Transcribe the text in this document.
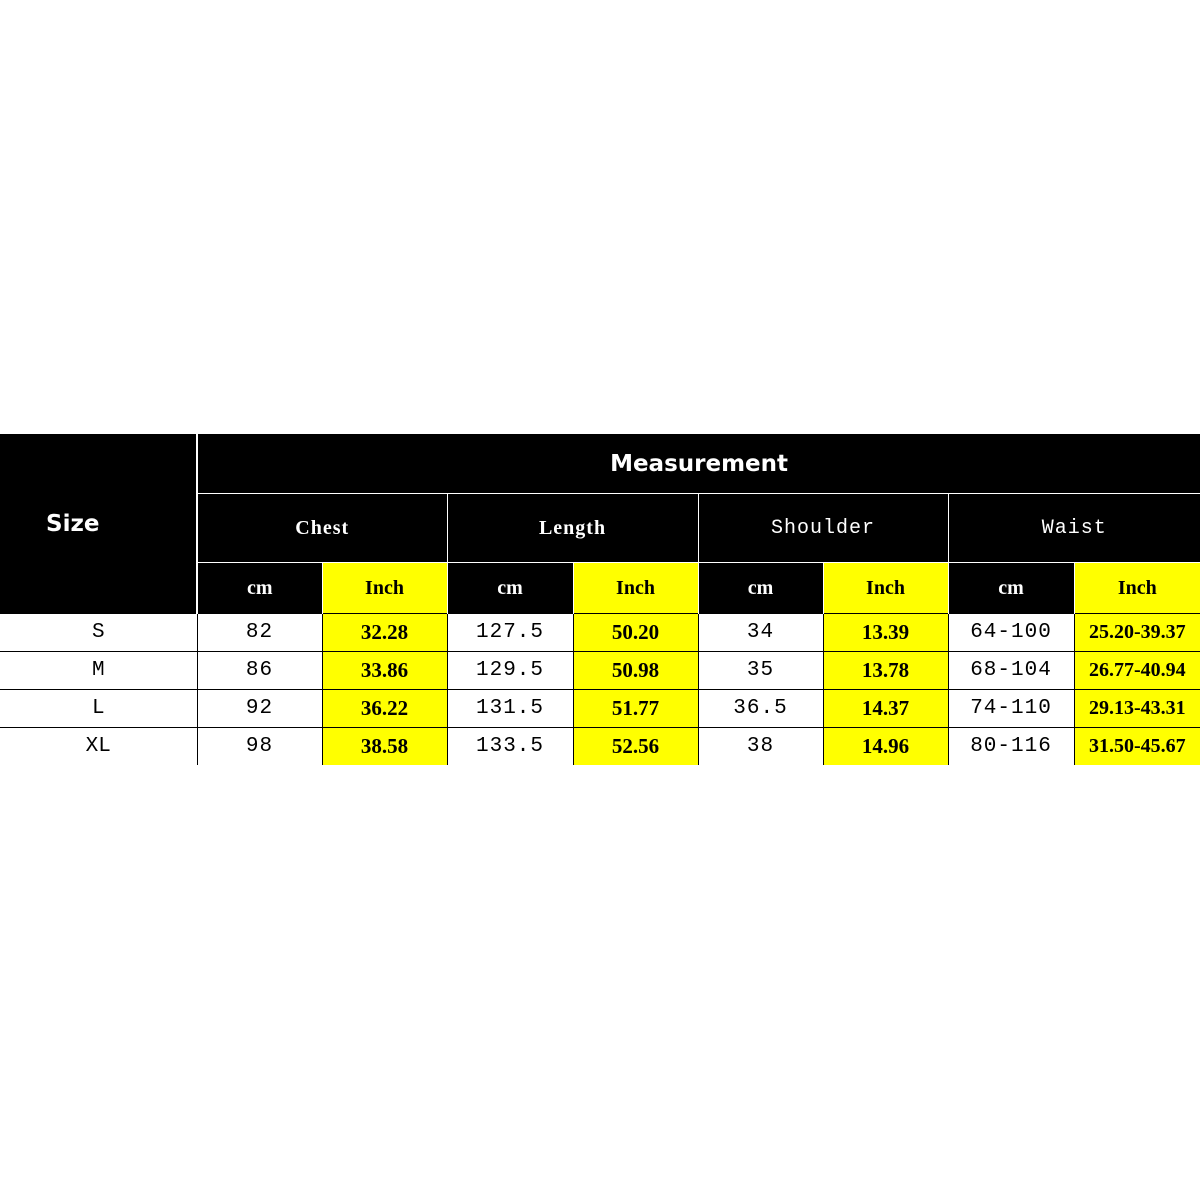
Size	Measurement							
	Chest		Length		Shoulder		Waist	
	cm	Inch	cm	Inch	cm	Inch	cm	Inch
S	82	32.28	127.5	50.20	34	13.39	64-100	25.20-39.37
M	86	33.86	129.5	50.98	35	13.78	68-104	26.77-40.94
L	92	36.22	131.5	51.77	36.5	14.37	74-110	29.13-43.31
XL	98	38.58	133.5	52.56	38	14.96	80-116	31.50-45.67
